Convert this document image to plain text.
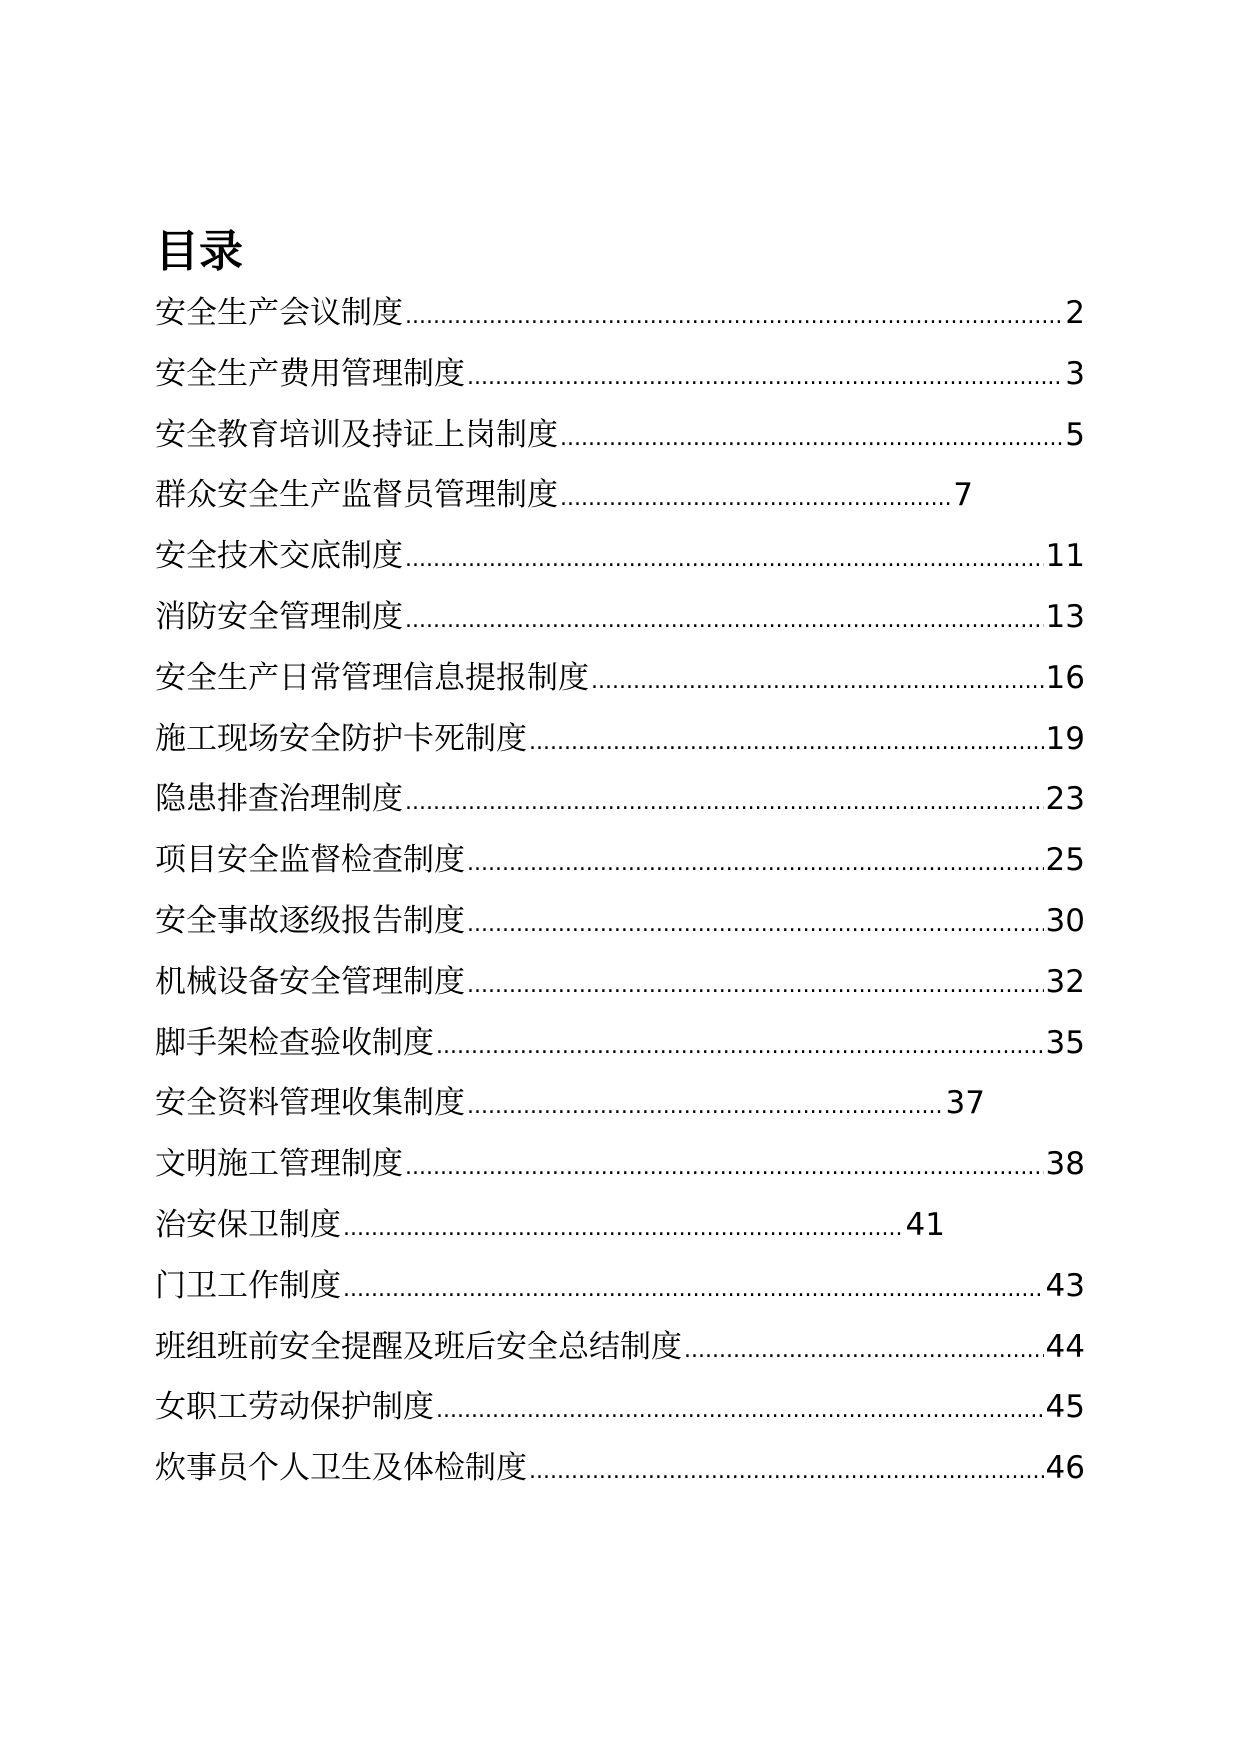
目录
安全生产会议制度 .....	2
安全生产费用管理制度 .....	3
安全教育培训及持证上岗制度 .....	5
群众安全生产监督员管理制度 .....	7
安全技术交底制度 .....	11
消防安全管理制度 .....	13
安全生产日常管理信息提报制度 .....	16
施工现场安全防护卡死制度 .....	19
隐患排查治理制度 .....	23
项目安全监督检查制度 .....	25
安全事故逐级报告制度 .....	30
机械设备安全管理制度 .....	32
脚手架检查验收制度 .....	35
安全资料管理收集制度 .....	37
文明施工管理制度 .....	38
治安保卫制度 .....	41
门卫工作制度 .....	43
班组班前安全提醒及班后安全总结制度 .....	44
女职工劳动保护制度 .....	45
炊事员个人卫生及体检制度 .....	46
